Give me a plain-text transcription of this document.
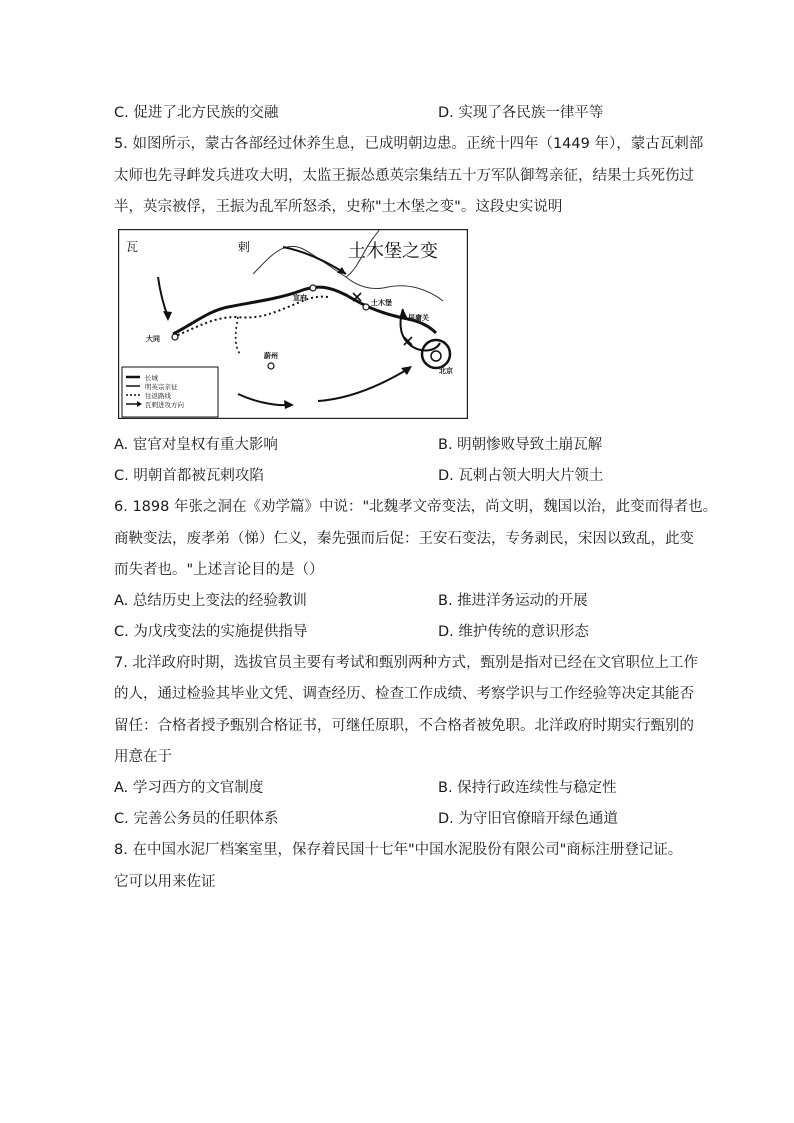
C. 促进了北方民族的交融	D. 实现了各民族一律平等
5. 如图所示，蒙古各部经过休养生息，已成明朝边患。正统十四年（1449 年），蒙古瓦剌部
太师也先寻衅发兵进攻大明，太监王振怂恿英宗集结五十万军队御驾亲征，结果士兵死伤过
半，英宗被俘，王振为乱军所怒杀，史称"土木堡之变"。这段史实说明
瓦	剌	土木堡之变
大同
宣府
土木堡
居庸关
北京
蔚州
长城
明英宗亲征
往返路线
瓦剌进攻方向
A. 宦官对皇权有重大影响	B. 明朝惨败导致土崩瓦解
C. 明朝首都被瓦剌攻陷	D. 瓦剌占领大明大片领土
6. 1898 年张之洞在《劝学篇》中说："北魏孝文帝变法，尚文明，魏国以治，此变而得者也。
商鞅变法，废孝弟（悌）仁义，秦先强而后促：王安石变法，专务剥民，宋因以致乱，此变
而失者也。"上述言论目的是（）
A. 总结历史上变法的经验教训	B. 推进洋务运动的开展
C. 为戊戌变法的实施提供指导	D. 维护传统的意识形态
7. 北洋政府时期，选拔官员主要有考试和甄别两种方式，甄别是指对已经在文官职位上工作
的人，通过检验其毕业文凭、调查经历、检查工作成绩、考察学识与工作经验等决定其能否
留任：合格者授予甄别合格证书，可继任原职，不合格者被免职。北洋政府时期实行甄别的
用意在于
A. 学习西方的文官制度	B. 保持行政连续性与稳定性
C. 完善公务员的任职体系	D. 为守旧官僚暗开绿色通道
8. 在中国水泥厂档案室里，保存着民国十七年"中国水泥股份有限公司"商标注册登记证。
它可以用来佐证
